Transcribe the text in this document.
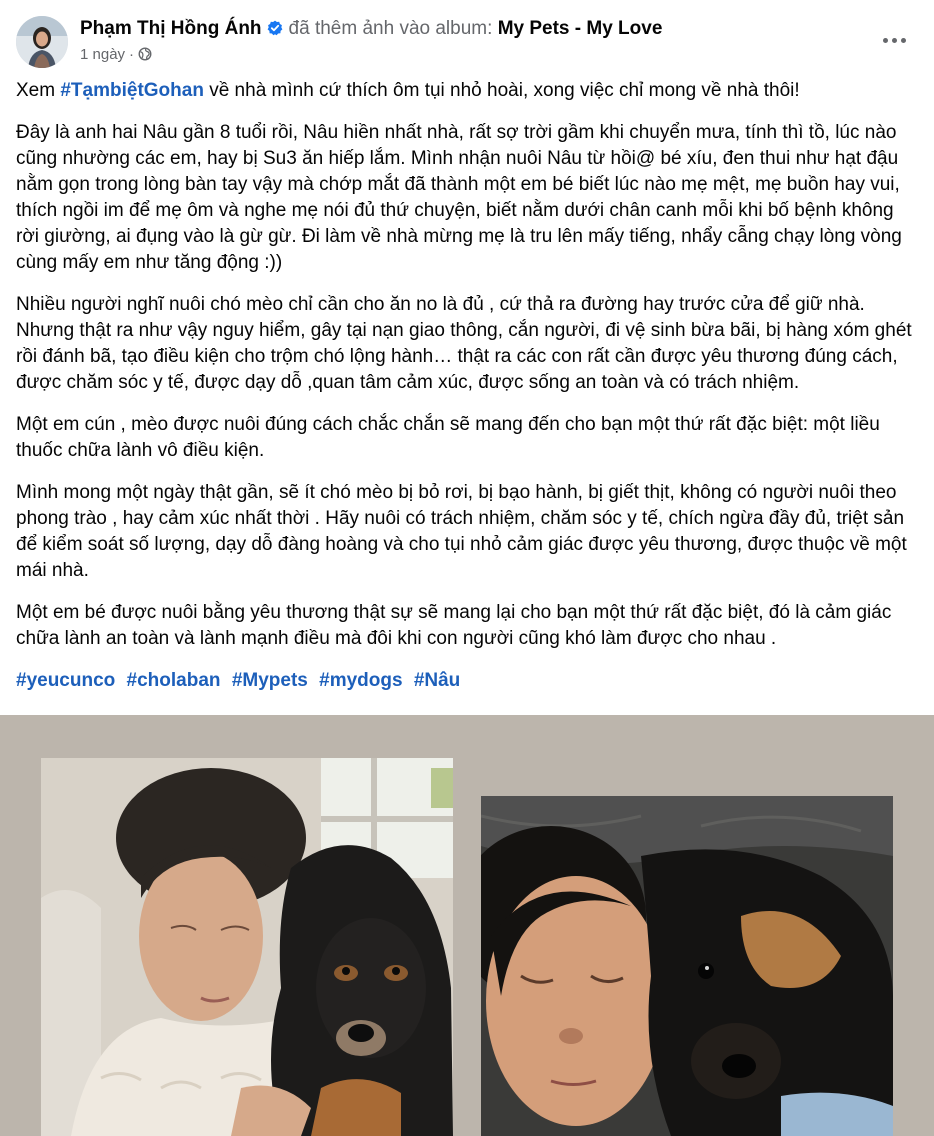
Phạm Thị Hồng Ánh đã thêm ảnh vào album: My Pets - My Love
1 ngày ·

Xem #TạmbiệtGohan về nhà mình cứ thích ôm tụi nhỏ hoài, xong việc chỉ mong về nhà thôi!

Đây là anh hai Nâu gần 8 tuổi rồi, Nâu hiền nhất nhà, rất sợ trời gầm khi chuyển mưa, tính thì tồ, lúc nào cũng nhường các em, hay bị Su3 ăn hiếp lắm. Mình nhận nuôi Nâu từ hồi@ bé xíu, đen thui như hạt đậu nằm gọn trong lòng bàn tay vậy mà chớp mắt đã thành một em bé biết lúc nào mẹ mệt, mẹ buồn hay vui, thích ngồi im để mẹ ôm và nghe mẹ nói đủ thứ chuyện, biết nằm dưới chân canh mỗi khi bố bệnh không rời giường, ai đụng vào là gừ gừ. Đi làm về nhà mừng mẹ là tru lên mấy tiếng, nhẩy cẫng chạy lòng vòng cùng mấy em như tăng động :))

Nhiều người nghĩ nuôi chó mèo chỉ cần cho ăn no là đủ , cứ thả ra đường hay trước cửa để giữ nhà. Nhưng thật ra như vậy nguy hiểm, gây tại nạn giao thông, cắn người, đi vệ sinh bừa bãi, bị hàng xóm ghét rồi đánh bã, tạo điều kiện cho trộm chó lộng hành… thật ra các con rất cần được yêu thương đúng cách, được chăm sóc y tế, được dạy dỗ ,quan tâm cảm xúc, được sống an toàn và có trách nhiệm.

Một em cún , mèo được nuôi đúng cách chắc chắn sẽ mang đến cho bạn một thứ rất đặc biệt: một liều thuốc chữa lành vô điều kiện.

Mình mong một ngày thật gần, sẽ ít chó mèo bị bỏ rơi, bị bạo hành, bị giết thịt, không có người nuôi theo phong trào , hay cảm xúc nhất thời . Hãy nuôi có trách nhiệm, chăm sóc y tế, chích ngừa đầy đủ, triệt sản để kiểm soát số lượng, dạy dỗ đàng hoàng và cho tụi nhỏ cảm giác được yêu thương, được thuộc về một mái nhà.

Một em bé được nuôi bằng yêu thương thật sự sẽ mang lại cho bạn một thứ rất đặc biệt, đó là cảm giác chữa lành an toàn và lành mạnh điều mà đôi khi con người cũng khó làm được cho nhau .

#yeucunco #cholaban #Mypets #mydogs #Nâu
